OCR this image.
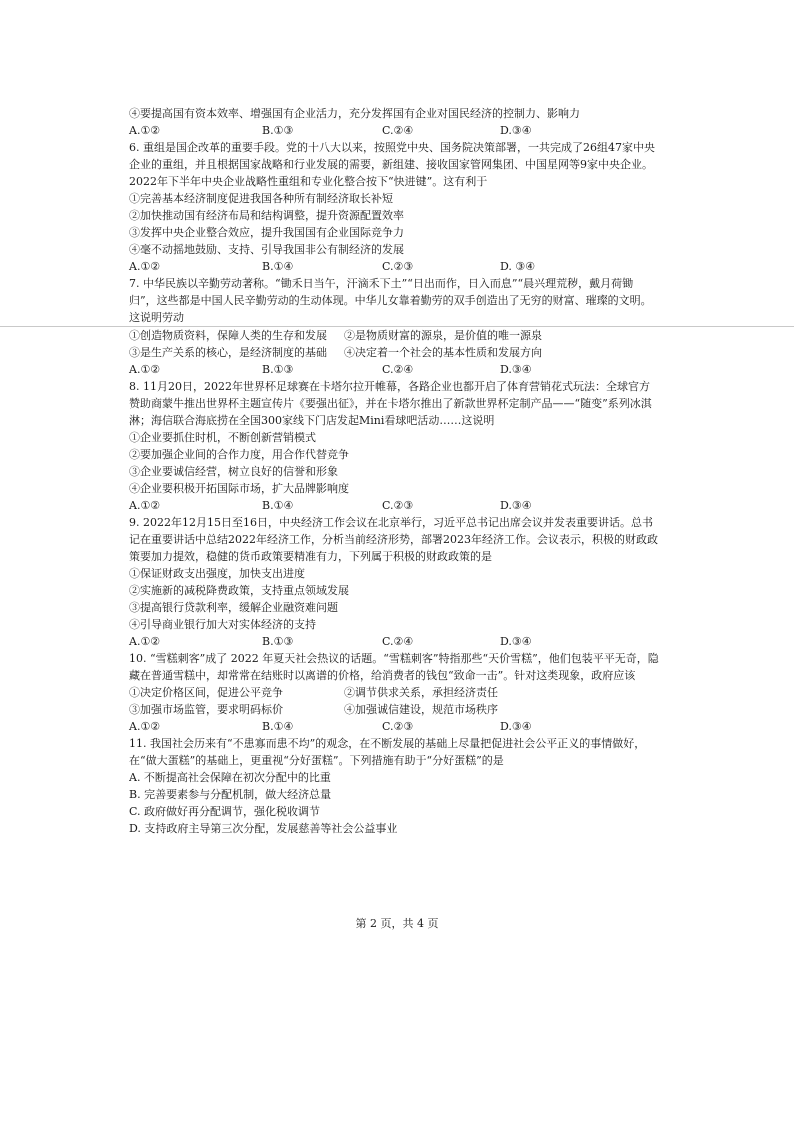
④要提高国有资本效率、增强国有企业活力，充分发挥国有企业对国民经济的控制力、影响力
A.①②	B.①③	C.②④	D.③④
6. 重组是国企改革的重要手段。党的十八大以来，按照党中央、国务院决策部署，一共完成了26组47家中央企业的重组，并且根据国家战略和行业发展的需要，新组建、接收国家管网集团、中国星网等9家中央企业。2022年下半年中央企业战略性重组和专业化整合按下“快进键”。这有利于
①完善基本经济制度促进我国各种所有制经济取长补短
②加快推动国有经济布局和结构调整，提升资源配置效率
③发挥中央企业整合效应，提升我国国有企业国际竞争力
④毫不动摇地鼓励、支持、引导我国非公有制经济的发展
A.①②	B.①④	C.②③	D. ③④
7. 中华民族以辛勤劳动著称。“锄禾日当午，汗滴禾下土”“日出而作，日入而息”“晨兴理荒秽，戴月荷锄归”，这些都是中国人民辛勤劳动的生动体现。中华儿女靠着勤劳的双手创造出了无穷的财富、璀璨的文明。这说明劳动
①创造物质资料，保障人类的生存和发展	②是物质财富的源泉，是价值的唯一源泉
③是生产关系的核心，是经济制度的基础	④决定着一个社会的基本性质和发展方向
A.①②	B.①③	C.②④	D.③④
8. 11月20日，2022年世界杯足球赛在卡塔尔拉开帷幕，各路企业也都开启了体育营销花式玩法：全球官方赞助商蒙牛推出世界杯主题宣传片《要强出征》，并在卡塔尔推出了新款世界杯定制产品——“随变”系列冰淇淋；海信联合海底捞在全国300家线下门店发起Mini看球吧活动……这说明
①企业要抓住时机，不断创新营销模式
②要加强企业间的合作力度，用合作代替竞争
③企业要诚信经营，树立良好的信誉和形象
④企业要积极开拓国际市场，扩大品牌影响度
A.①②	B.①④	C.②③	D.③④
9. 2022年12月15日至16日，中央经济工作会议在北京举行，习近平总书记出席会议并发表重要讲话。总书记在重要讲话中总结2022年经济工作，分析当前经济形势，部署2023年经济工作。会议表示，积极的财政政策要加力提效，稳健的货币政策要精准有力，下列属于积极的财政政策的是
①保证财政支出强度，加快支出进度
②实施新的减税降费政策，支持重点领域发展
③提高银行贷款利率，缓解企业融资难问题
④引导商业银行加大对实体经济的支持
A.①②	B.①③	C.②④	D.③④
10. “雪糕刺客”成了 2022 年夏天社会热议的话题。“雪糕刺客”特指那些“天价雪糕”，他们包装平平无奇，隐藏在普通雪糕中，却常常在结账时以离谱的价格，给消费者的钱包“致命一击”。针对这类现象，政府应该
①决定价格区间，促进公平竞争	②调节供求关系，承担经济责任
③加强市场监管，要求明码标价	④加强诚信建设，规范市场秩序
A.①②	B.①④	C.②③	D.③④
11. 我国社会历来有“不患寡而患不均”的观念，在不断发展的基础上尽量把促进社会公平正义的事情做好，在“做大蛋糕”的基础上，更重视“分好蛋糕”。下列措施有助于“分好蛋糕”的是
A. 不断提高社会保障在初次分配中的比重
B. 完善要素参与分配机制，做大经济总量
C. 政府做好再分配调节，强化税收调节
D. 支持政府主导第三次分配，发展慈善等社会公益事业
第 2 页，共 4 页
